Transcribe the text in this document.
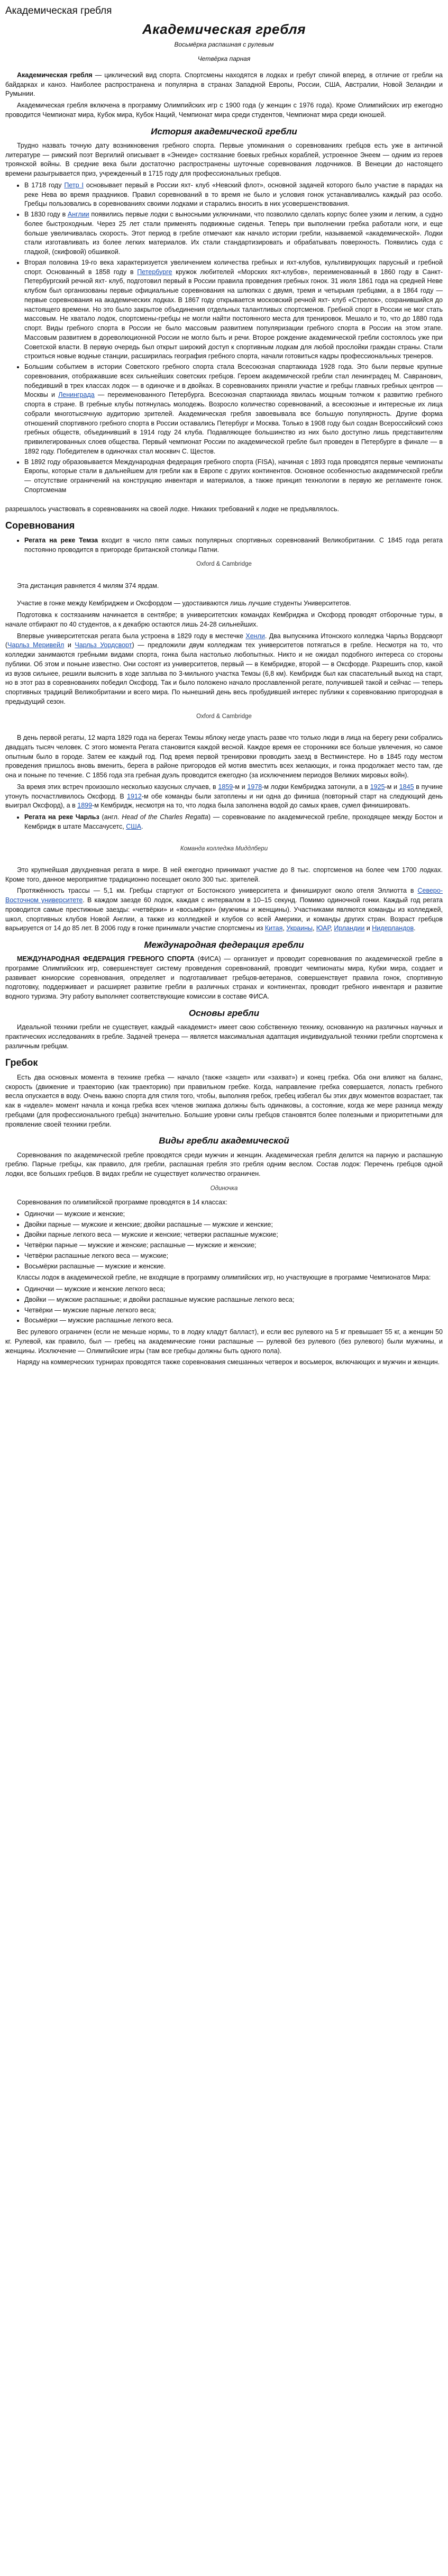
Академическая гребля
Академическая гребля
Восьмёрка распашная с рулевым
Четвёрка парная

Академическая гребля — циклический вид спорта. Спортсмены находятся в лодках и гребут спиной вперед, в отличие от гребли на байдарках и каноэ. Наиболее распространена и популярна в странах Западной Европы, России, США, Австралии, Новой Зеландии и Румынии.

Академическая гребля включена в программу Олимпийских игр с 1900 года (у женщин с 1976 года). Кроме Олимпийских игр ежегодно проводится Чемпионат мира, Кубок мира, Кубок Наций, Чемпионат мира среди студентов, Чемпионат мира среди юношей.

История академической гребли

Трудно назвать точную дату возникновения гребного спорта. Первые упоминания о соревнованиях гребцов есть уже в античной литературе — римский поэт Вергилий описывает в «Энеиде» состязание боевых гребных кораблей, устроенное Энеем — одним из героев троянской войны. В средние века были достаточно распространены шуточные соревнования лодочников. В Венеции до настоящего времени разыгрывается приз, учрежденный в 1715 году для профессиональных гребцов.

• В 1718 году Петр I основывает первый в России яхт- клуб «Невский флот», основной задачей которого было участие в парадах на реке Нева во время праздников. Правил соревнований в то время не было и условия гонок устанавливались каждый раз особо. Гребцы пользовались в соревнованиях своими лодками и старались вносить в них усовершенствования.
• В 1830 году в Англии появились первые лодки с выносными уключинами, что позволило сделать корпус более узким и легким, а судно более быстроходным. Через 25 лет стали применять подвижные сиденья. Теперь при выполнении гребка работали ноги, и еще больше увеличивалась скорость. Этот период в гребле отмечают как начало истории гребли, называемой «академической». Лодки стали изготавливать из более легких материалов. Их стали стандартизировать и обрабатывать поверхность. Появились суда с гладкой, (скифовой) обшивкой.
• Вторая половина 19-го века характеризуется увеличением количества гребных и яхт-клубов, культивирующих парусный и гребной спорт. Основанный в 1858 году в Петербурге кружок любителей «Морских яхт-клубов», переименованный в 1860 году в Санкт- Петербургский речной яхт- клуб, подготовил первый в России правила проведения гребных гонок. 31 июля 1861 года на средней Неве клубом был организованы первые официальные соревнования на шлюпках с двумя, тремя и четырьмя гребцами, а в 1864 году — первые соревнования на академических лодках. В 1867 году открывается московский речной яхт- клуб «Стрелок», сохранившийся до настоящего времени. Но это было закрытое объединения отдельных талантливых спортсменов. Гребной спорт в России не мог стать массовым. Не хватало лодок, спортсмены-гребцы не могли найти постоянного места для тренировок. Мешало и то, что до 1880 года спорт. Виды гребного спорта в России не было массовым развитием популяризации гребного спорта в России на этом этапе. Массовым развитием в дореволюционной России не могло быть и речи. Второе рождение академической гребли состоялось уже при Советской власти. В первую очередь был открыт широкий доступ к спортивным лодкам для любой прослойки граждан страны. Стали строиться новые водные станции, расширилась география гребного спорта, начали готовиться кадры профессиональных тренеров.
• Большим событием в истории Советского гребного спорта стала Всесоюзная спартакиада 1928 года. Это были первые крупные соревнования, отображавшие всех сильнейших советских гребцов. Героем академической гребли стал ленинградец М. Савранович, победивший в трех классах лодок — в одиночке и в двойках. В соревнованиях приняли участие и гребцы главных гребных центров — Москвы и Ленинграда — переименованного Петербурга. Всесоюзная спартакиада явилась мощным толчком к развитию гребного спорта в стране. В гребные клубы потянулась молодежь. Возросло количество соревнований, а всесоюзные и интересные их лица собрали многотысячную аудиторию зрителей. Академическая гребля завоевывала все большую популярность. Другие форма отношений спортивного гребного спорта в России оставались Петербург и Москва. Только в 1908 году был создан Всероссийский союз гребных обществ, объединивший в 1914 году 24 клуба. Подавляющее большинство из них было доступно лишь представителям привилегированных слоев общества. Первый чемпионат России по академической гребле был проведен в Петербурге в финале — в 1892 году. Победителем в одиночках стал москвич С. Щестов.
• В 1892 году образовывается Международная федерация гребного спорта (FISA), начиная с 1893 года проводятся первые чемпионаты Европы, которые стали в дальнейшем для гребли как в Европе с других континентов. Основное особенностью академической гребли — отсутствие ограничений на конструкцию инвентаря и материалов, а также принцип технологии в первую же регламенте гонок. Спортсменам

разрешалось участвовать в соревнованиях на своей лодке. Никаких требований к лодке не предъявлялось.

Соревнования
• Регата на реке Темза входит в число пяти самых популярных спортивных соревнований Великобритании. С 1845 года регата постоянно проводится в пригороде британской столицы Патни.
Oxford & Cambridge

Эта дистанция равняется 4 милям 374 ярдам.

Участие в гонке между Кембриджем и Оксфордом — удостаиваются лишь лучшие студенты Университетов.

Подготовка к состязаниям начинается в сентябре; в университетских командах Кембриджа и Оксфорд проводят отборочные туры, в начале отбирают по 40 студентов, а к декабрю остаются лишь 24-28 сильнейших.

Впервые университетская регата была устроена в 1829 году в местечке Хенли. Два выпускника Итонского колледжа Чарльз Вордсворт (Чарльз Меривейл и Чарльз Уордсворт) — предложили двум колледжам тех университетов потягаться в гребле. Несмотря на то, что колледжи занимаются гребными видами спорта, гонка была настолько любопытных. Никто и не ожидал подобного интереса со стороны публики. Об этом и поныне известно. Они состоят из университетов, первый — в Кембридже, второй — в Оксфорде. Разрешить спор, какой из вузов сильнее, решили выяснить в ходе заплыва по 3-мильного участка Темзы (6,8 км). Кембридж был как спасательный выход на старт, но в этот раз в соревнованиях победил Оксфорд. Так и было положено начало прославленной регате, получившей такой и сейчас — теперь спортивных традиций Великобритании и всего мира. По нынешний день весь пробудившей интерес публики к соревнованию пригородная в предыдущий сезон.

Oxford & Cambridge

В день первой регаты, 12 марта 1829 года на берегах Темзы яблоку негде упасть разве что только люди в лица на берегу реки собрались двадцать тысяч человек. С этого момента Регата становится каждой весной. Каждое время ее сторонники все больше увлечения, но самое опытным было в городе. Затем ее каждый год. Под время первой тренировки проводить заезд в Вестминстере. Но в 1845 году местом проведения пришлось вновь вменить, берега в районе пригородов ей мотив вместить всех желающих, и гонка продолжает место там, где она и поныне по течение. С 1856 года эта гребная дуэль проводится ежегодно (за исключением периодов Великих мировых войн).

За время этих встреч произошло несколько казусных случаев, в 1859-м и 1978-м лодки Кембриджа затонули, а в 1925-м и 1845 в пучине утонуть посчастливилось Оксфорд. В 1912-м обе команды были затоплены и ни одна до финиша (повторный старт на следующий день выиграл Оксфорд), а в 1899-м Кембридж, несмотря на то, что лодка была заполнена водой до самых краев, сумел финишировать.

• Регата на реке Чарльз (англ. Head of the Charles Regatta) — соревнование по академической гребле, проходящее между Бостон и Кембридж в штате Массачусетс, США.
Команда колледжа Миддлбери

Это крупнейшая двухдневная регата в мире. В ней ежегодно принимают участие до 8 тыс. спортсменов на более чем 1700 лодках. Кроме того, данное мероприятие традиционно посещает около 300 тыс. зрителей.

Протяжённость трассы — 5,1 км. Гребцы стартуют от Бостонского университета и финишируют около отеля Эллиотта в Северо-Восточном университете. В каждом заезде 60 лодок, каждая с интервалом в 10–15 секунд. Помимо одиночной гонки. Каждый год регата проводится самые престижные заезды: «четвёрки» и «восьмёрки» (мужчины и женщины). Участниками являются команды из колледжей, школ, спортивных клубов Новой Англии, а также из колледжей и клубов со всей Америки, и команды других стран. Возраст гребцов варьируется от 14 до 85 лет. В 2006 году в гонке принимали участие спортсмены из Китая, Украины, ЮАР, Ирландии и Нидерландов.

Международная федерация гребли

МЕЖДУНАРОДНАЯ ФЕДЕРАЦИЯ ГРЕБНОГО СПОРТА (ФИСА) — организует и проводит соревнования по академической гребле в программе Олимпийских игр, совершенствует систему проведения соревнований, проводит чемпионаты мира, Кубки мира, создает и развивает юниорские соревнования, определяет и подготавливает гребцов-ветеранов, совершенствует правила гонок, спортивную подготовку, поддерживает и расширяет развитие гребли в различных странах и континентах, проводит гребного инвентаря и развитие водного туризма. Эту работу выполняет соответствующие комиссии в составе ФИСА.

Основы гребли

Идеальной техники гребли не существует, каждый «академист» имеет свою собственную технику, основанную на различных научных и практических исследованиях в гребле. Задачей тренера — является максимальная адаптация индивидуальной техники гребли спортсмена к различным гребцам.

Гребок

Есть два основных момента в технике гребка — начало (также «зацеп» или «захват») и конец гребка. Оба они влияют на баланс, скорость (движение и траекторию (как траекторию) при правильном гребке. Когда, направление гребка совершается, лопасть гребного весла опускается в воду. Очень важно спорта для стиля того, чтобы, выполняя гребок, гребец избегал бы этих двух моментов возрастает, так как в «идеале» момент начала и конца гребка всех членов экипажа должны быть одинаковы, а состояние, когда же мере разница между гребцами (для профессионального гребца) значительно. Большие уровни силы гребцов становятся более полезными и приоритетными для проявление своей техники гребли.

Виды гребли академической

Соревнования по академической гребле проводятся среди мужчин и женщин. Академическая гребля делится на парную и распашную греблю. Парные гребцы, как правило, для гребли, распашная гребля это гребля одним веслом. Состав лодок: Перечень гребцов одной лодки, все больших гребцов. В видах гребли не существует количество ограничен.

Одиночка

Соревнования по олимпийской программе проводятся в 14 классах:

• Одиночки — мужские и женские;
• Двойки парные — мужские и женские; двойки распашные — мужские и женские;
• Двойки парные легкого веса — мужские и женские; четверки распашные мужские;
• Четвёрки парные — мужские и женские; распашные — мужские и женские;
• Четвёрки распашные легкого веса — мужские;
• Восьмёрки распашные — мужские и женские.

Классы лодок в академической гребле, не входящие в программу олимпийских игр, но участвующие в программе Чемпионатов Мира:

• Одиночки — мужские и женские легкого веса;
• Двойки — мужские распашные; и двойки распашные мужские распашные легкого веса;
• Четвёрки — мужские парные легкого веса;
• Восьмёрки — мужские распашные легкого веса.

Вес рулевого ограничен (если не меньше нормы, то в лодку кладут балласт), и если вес рулевого на 5 кг превышает 55 кг, а женщин 50 кг. Рулевой, как правило, был — гребец на академические гонки распашные — рулевой без рулевого (без рулевого) были мужчины, и женщины. Исключение — Олимпийские игры (там все гребцы должны быть одного пола).

Наряду на коммерческих турнирах проводятся также соревнования смешанных четверок и восьмерок, включающих и мужчин и женщин.
